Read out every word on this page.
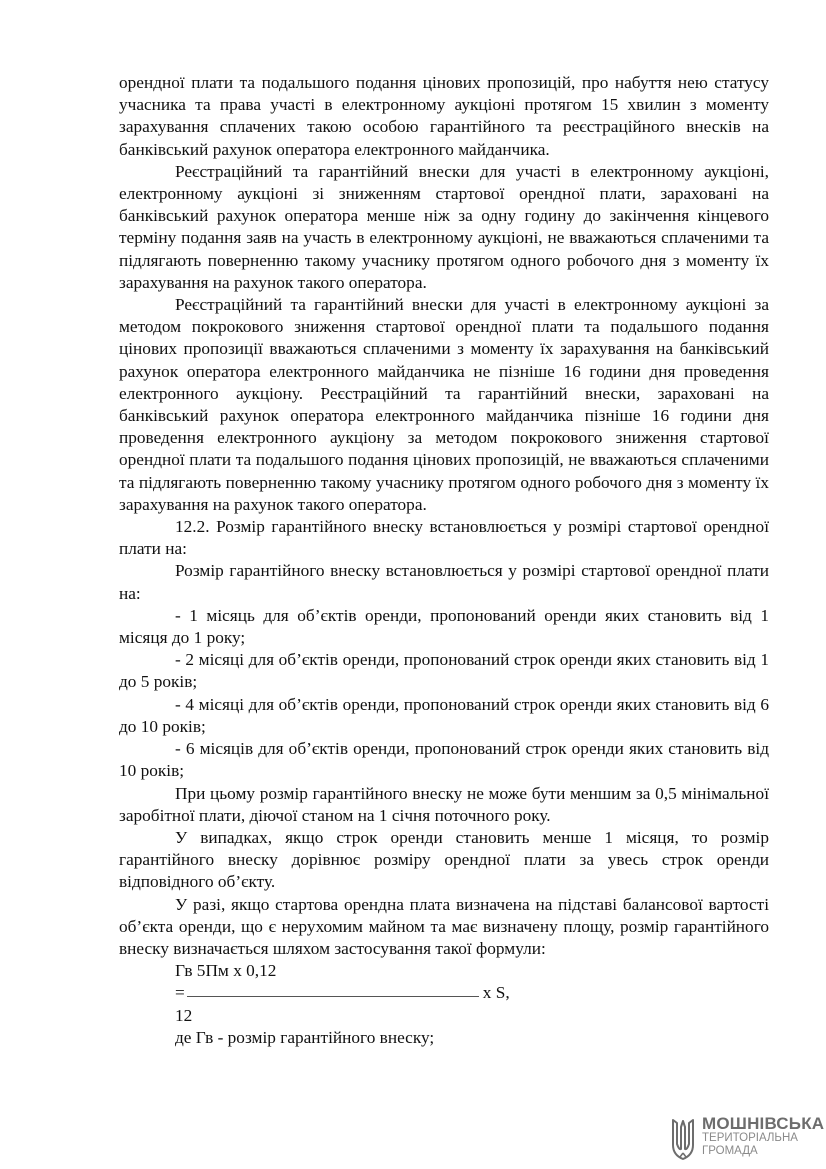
орендної плати та подальшого подання цінових пропозицій, про набуття нею статусу учасника та права участі в електронному аукціоні протягом 15 хвилин з моменту зарахування сплачених такою особою гарантійного та реєстраційного внесків на банківський рахунок оператора електронного майданчика.

Реєстраційний та гарантійний внески для участі в електронному аукціоні, електронному аукціоні зі зниженням стартової орендної плати, зараховані на банківський рахунок оператора менше ніж за одну годину до закінчення кінцевого терміну подання заяв на участь в електронному аукціоні, не вважаються сплаченими та підлягають поверненню такому учаснику протягом одного робочого дня з моменту їх зарахування на рахунок такого оператора.

Реєстраційний та гарантійний внески для участі в електронному аукціоні за методом покрокового зниження стартової орендної плати та подальшого подання цінових пропозиції вважаються сплаченими з моменту їх зарахування на банківський рахунок оператора електронного майданчика не пізніше 16 години дня проведення електронного аукціону. Реєстраційний та гарантійний внески, зараховані на банківський рахунок оператора електронного майданчика пізніше 16 години дня проведення електронного аукціону за методом покрокового зниження стартової орендної плати та подальшого подання цінових пропозицій, не вважаються сплаченими та підлягають поверненню такому учаснику протягом одного робочого дня з моменту їх зарахування на рахунок такого оператора.

12.2. Розмір гарантійного внеску встановлюється у розмірі стартової орендної плати на:

Розмір гарантійного внеску встановлюється у розмірі стартової орендної плати на:

- 1 місяць для об’єктів оренди, пропонований оренди яких становить від 1 місяця до 1 року;

- 2 місяці для об’єктів оренди, пропонований строк оренди яких становить від 1 до 5 років;

- 4 місяці для об’єктів оренди, пропонований строк оренди яких становить від 6 до 10 років;

- 6 місяців для об’єктів оренди, пропонований строк оренди яких становить від 10 років;

При цьому розмір гарантійного внеску не може бути меншим за 0,5 мінімальної заробітної плати, діючої станом на 1 січня поточного року.

У випадках, якщо строк оренди становить менше 1 місяця, то розмір гарантійного внеску дорівнює розміру орендної плати за увесь строк оренди відповідного об’єкту.

У разі, якщо стартова орендна плата визначена на підставі балансової вартості об’єкта оренди, що є нерухомим майном та має визначену площу, розмір гарантійного внеску визначається шляхом застосування такої формули:

Гв 5Пм х 0,12
=	х S,
12
де Гв - розмір гарантійного внеску;
МОШНІВСЬКА
ТЕРИТОРІАЛЬНА
ГРОМАДА
